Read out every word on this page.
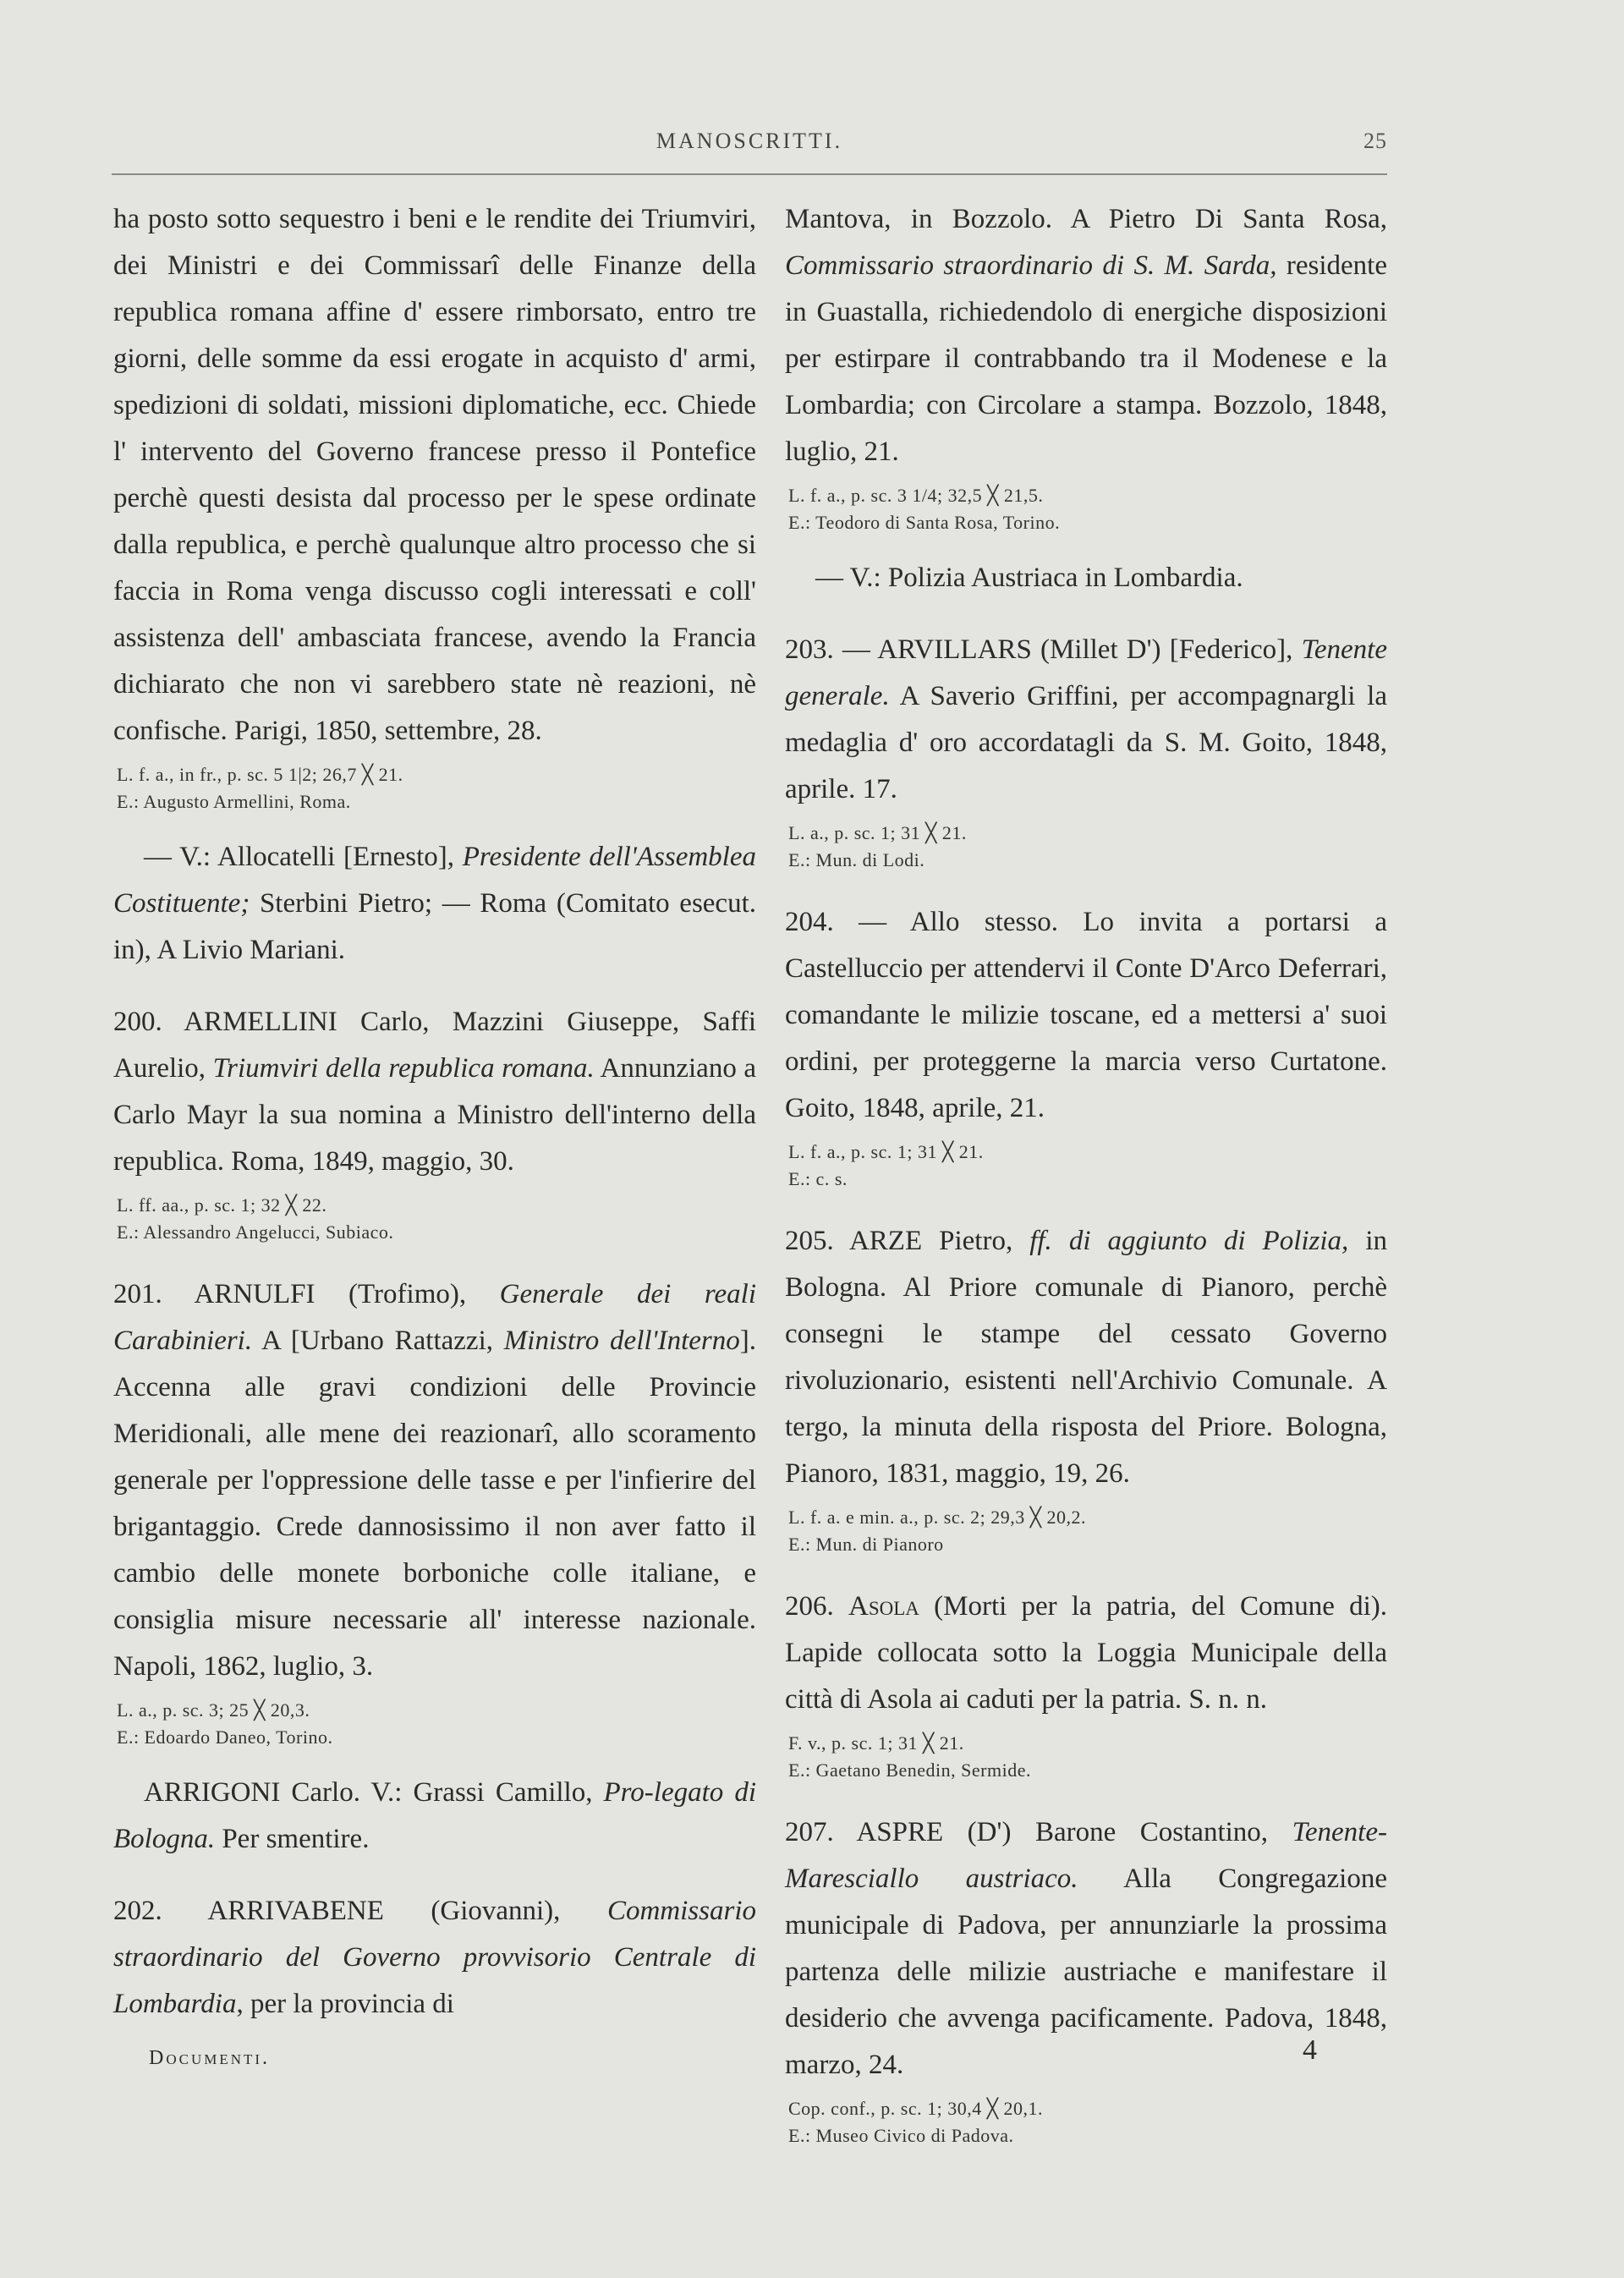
MANOSCRITTI.	25

ha posto sotto sequestro i beni e le rendite dei Triumviri, dei Ministri e dei Commissarî delle Finanze della republica romana affine d' essere rimborsato, entro tre giorni, delle somme da essi erogate in acquisto d' armi, spedizioni di soldati, missioni diplomatiche, ecc. Chiede l' intervento del Governo francese presso il Pontefice perchè questi desista dal processo per le spese ordinate dalla republica, e perchè qualunque altro processo che si faccia in Roma venga discusso cogli interessati e coll' assistenza dell' ambasciata francese, avendo la Francia dichiarato che non vi sarebbero state nè reazioni, nè confische. Parigi, 1850, settembre, 28.

L. f. a., in fr., p. sc. 5 1|2; 26,7 ╳ 21.
E.: Augusto Armellini, Roma.

— V.: Allocatelli [Ernesto], Presidente dell'Assemblea Costituente; Sterbini Pietro; — Roma (Comitato esecut. in), A Livio Mariani.

200. ARMELLINI Carlo, Mazzini Giuseppe, Saffi Aurelio, Triumviri della republica romana. Annunziano a Carlo Mayr la sua nomina a Ministro dell'interno della republica. Roma, 1849, maggio, 30.

L. ff. aa., p. sc. 1; 32 ╳ 22.
E.: Alessandro Angelucci, Subiaco.

201. ARNULFI (Trofimo), Generale dei reali Carabinieri. A [Urbano Rattazzi, Ministro dell'Interno]. Accenna alle gravi condizioni delle Provincie Meridionali, alle mene dei reazionarî, allo scoramento generale per l'oppressione delle tasse e per l'infierire del brigantaggio. Crede dannosissimo il non aver fatto il cambio delle monete borboniche colle italiane, e consiglia misure necessarie all' interesse nazionale. Napoli, 1862, luglio, 3.

L. a., p. sc. 3; 25 ╳ 20,3.
E.: Edoardo Daneo, Torino.

ARRIGONI Carlo. V.: Grassi Camillo, Pro-legato di Bologna. Per smentire.

202. ARRIVABENE (Giovanni), Commissario straordinario del Governo provvisorio Centrale di Lombardia, per la provincia di

Mantova, in Bozzolo. A Pietro Di Santa Rosa, Commissario straordinario di S. M. Sarda, residente in Guastalla, richiedendolo di energiche disposizioni per estirpare il contrabbando tra il Modenese e la Lombardia; con Circolare a stampa. Bozzolo, 1848, luglio, 21.

L. f. a., p. sc. 3 1/4; 32,5 ╳ 21,5.
E.: Teodoro di Santa Rosa, Torino.

— V.: Polizia Austriaca in Lombardia.

203. — ARVILLARS (Millet D') [Federico], Tenente generale. A Saverio Griffini, per accompagnargli la medaglia d' oro accordatagli da S. M. Goito, 1848, aprile. 17.

L. a., p. sc. 1; 31 ╳ 21.
E.: Mun. di Lodi.

204. — Allo stesso. Lo invita a portarsi a Castelluccio per attendervi il Conte D'Arco Deferrari, comandante le milizie toscane, ed a mettersi a' suoi ordini, per proteggerne la marcia verso Curtatone. Goito, 1848, aprile, 21.

L. f. a., p. sc. 1; 31 ╳ 21.
E.: c. s.

205. ARZE Pietro, ff. di aggiunto di Polizia, in Bologna. Al Priore comunale di Pianoro, perchè consegni le stampe del cessato Governo rivoluzionario, esistenti nell'Archivio Comunale. A tergo, la minuta della risposta del Priore. Bologna, Pianoro, 1831, maggio, 19, 26.

L. f. a. e min. a., p. sc. 2; 29,3 ╳ 20,2.
E.: Mun. di Pianoro

206. Asola (Morti per la patria, del Comune di). Lapide collocata sotto la Loggia Municipale della città di Asola ai caduti per la patria. S. n. n.

F. v., p. sc. 1; 31 ╳ 21.
E.: Gaetano Benedin, Sermide.

207. ASPRE (D') Barone Costantino, Tenente-Maresciallo austriaco. Alla Congregazione municipale di Padova, per annunziarle la prossima partenza delle milizie austriache e manifestare il desiderio che avvenga pacificamente. Padova, 1848, marzo, 24.

Cop. conf., p. sc. 1; 30,4 ╳ 20,1.
E.: Museo Civico di Padova.
Documenti.	4
